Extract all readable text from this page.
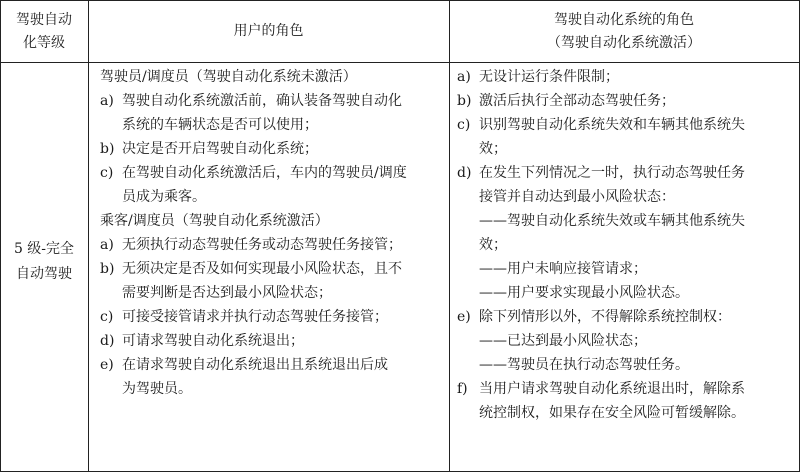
驾驶自动
化等级
用户的角色
驾驶自动化系统的角色
（驾驶自动化系统激活）
5 级-完全
自动驾驶
驾驶员/调度员（驾驶自动化系统未激活）
乘客/调度员（驾驶自动化系统激活）
a) 驾驶自动化系统激活前，确认装备驾驶自动化
系统的车辆状态是否可以使用；
b) 决定是否开启驾驶自动化系统；
c) 在驾驶自动化系统激活后，车内的驾驶员/调度
员成为乘客。
a) 无须执行动态驾驶任务或动态驾驶任务接管；
b) 无须决定是否及如何实现最小风险状态，且不
需要判断是否达到最小风险状态；
c) 可接受接管请求并执行动态驾驶任务接管；
d) 可请求驾驶自动化系统退出；
e) 在请求驾驶自动化系统退出且系统退出后成
为驾驶员。
a) 无设计运行条件限制；
b) 激活后执行全部动态驾驶任务；
c) 识别驾驶自动化系统失效和车辆其他系统失
效；
d) 在发生下列情况之一时，执行动态驾驶任务
接管并自动达到最小风险状态：
——驾驶自动化系统失效或车辆其他系统失
效；
——用户未响应接管请求；
——用户要求实现最小风险状态。
e) 除下列情形以外，不得解除系统控制权：
——已达到最小风险状态；
——驾驶员在执行动态驾驶任务。
f) 当用户请求驾驶自动化系统退出时，解除系
统控制权，如果存在安全风险可暂缓解除。
